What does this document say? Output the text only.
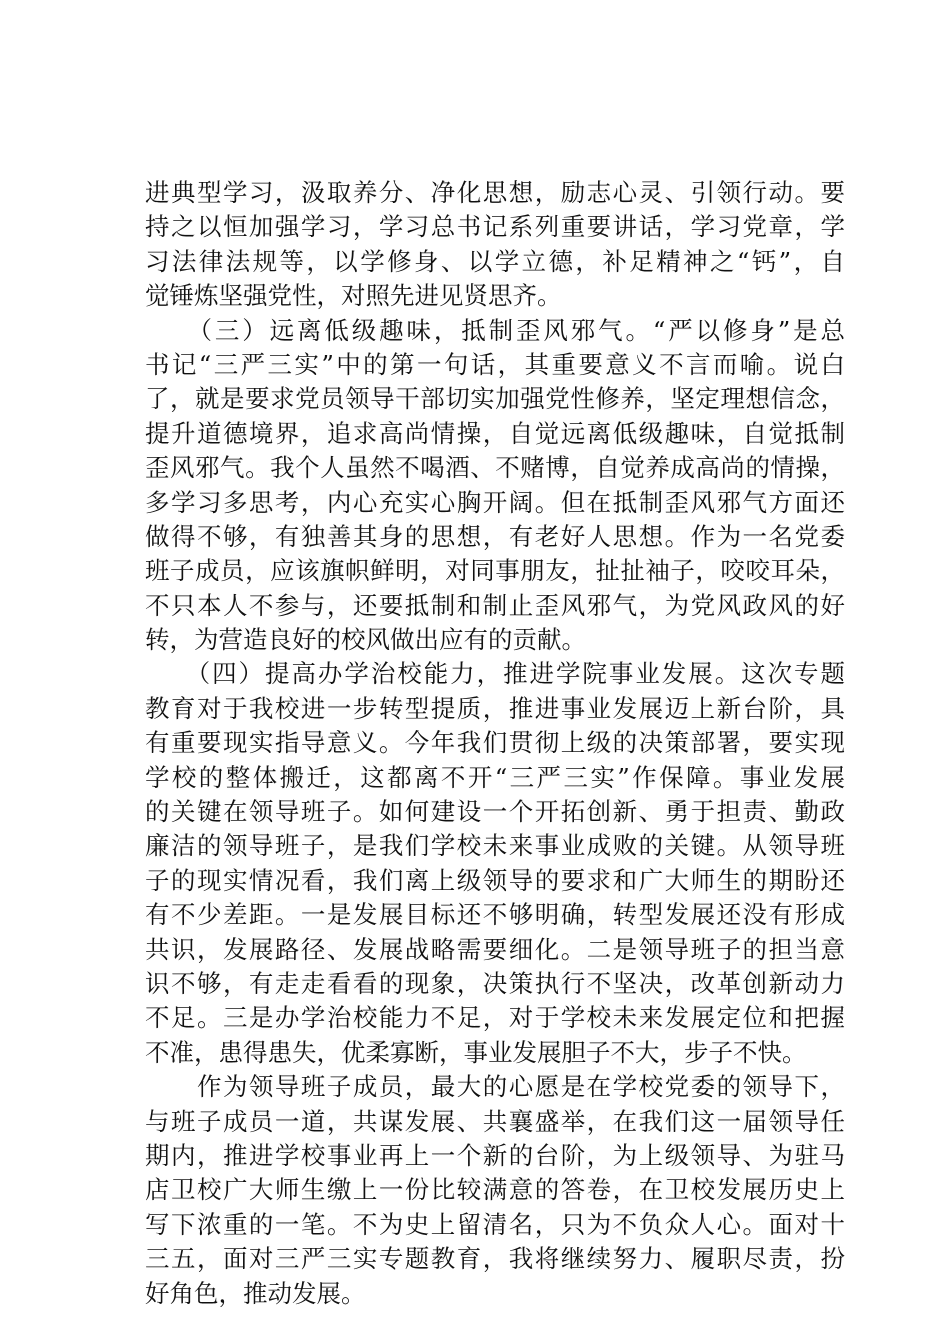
进典型学习，汲取养分、净化思想，励志心灵、引领行动。要
持之以恒加强学习，学习总书记系列重要讲话，学习党章，学
习法律法规等，以学修身、以学立德，补足精神之“钙”，自
觉锤炼坚强党性，对照先进见贤思齐。
　　（三）远离低级趣味，抵制歪风邪气。“严以修身”是总
书记“三严三实”中的第一句话，其重要意义不言而喻。说白
了，就是要求党员领导干部切实加强党性修养，坚定理想信念，
提升道德境界，追求高尚情操，自觉远离低级趣味，自觉抵制
歪风邪气。我个人虽然不喝酒、不赌博，自觉养成高尚的情操，
多学习多思考，内心充实心胸开阔。但在抵制歪风邪气方面还
做得不够，有独善其身的思想，有老好人思想。作为一名党委
班子成员，应该旗帜鲜明，对同事朋友，扯扯袖子，咬咬耳朵，
不只本人不参与，还要抵制和制止歪风邪气，为党风政风的好
转，为营造良好的校风做出应有的贡献。
　　（四）提高办学治校能力，推进学院事业发展。这次专题
教育对于我校进一步转型提质，推进事业发展迈上新台阶，具
有重要现实指导意义。今年我们贯彻上级的决策部署，要实现
学校的整体搬迁，这都离不开“三严三实”作保障。事业发展
的关键在领导班子。如何建设一个开拓创新、勇于担责、勤政
廉洁的领导班子，是我们学校未来事业成败的关键。从领导班
子的现实情况看，我们离上级领导的要求和广大师生的期盼还
有不少差距。一是发展目标还不够明确，转型发展还没有形成
共识，发展路径、发展战略需要细化。二是领导班子的担当意
识不够，有走走看看的现象，决策执行不坚决，改革创新动力
不足。三是办学治校能力不足，对于学校未来发展定位和把握
不准，患得患失，优柔寡断，事业发展胆子不大，步子不快。
　　作为领导班子成员，最大的心愿是在学校党委的领导下，
与班子成员一道，共谋发展、共襄盛举，在我们这一届领导任
期内，推进学校事业再上一个新的台阶，为上级领导、为驻马
店卫校广大师生缴上一份比较满意的答卷，在卫校发展历史上
写下浓重的一笔。不为史上留清名，只为不负众人心。面对十
三五，面对三严三实专题教育，我将继续努力、履职尽责，扮
好角色，推动发展。
